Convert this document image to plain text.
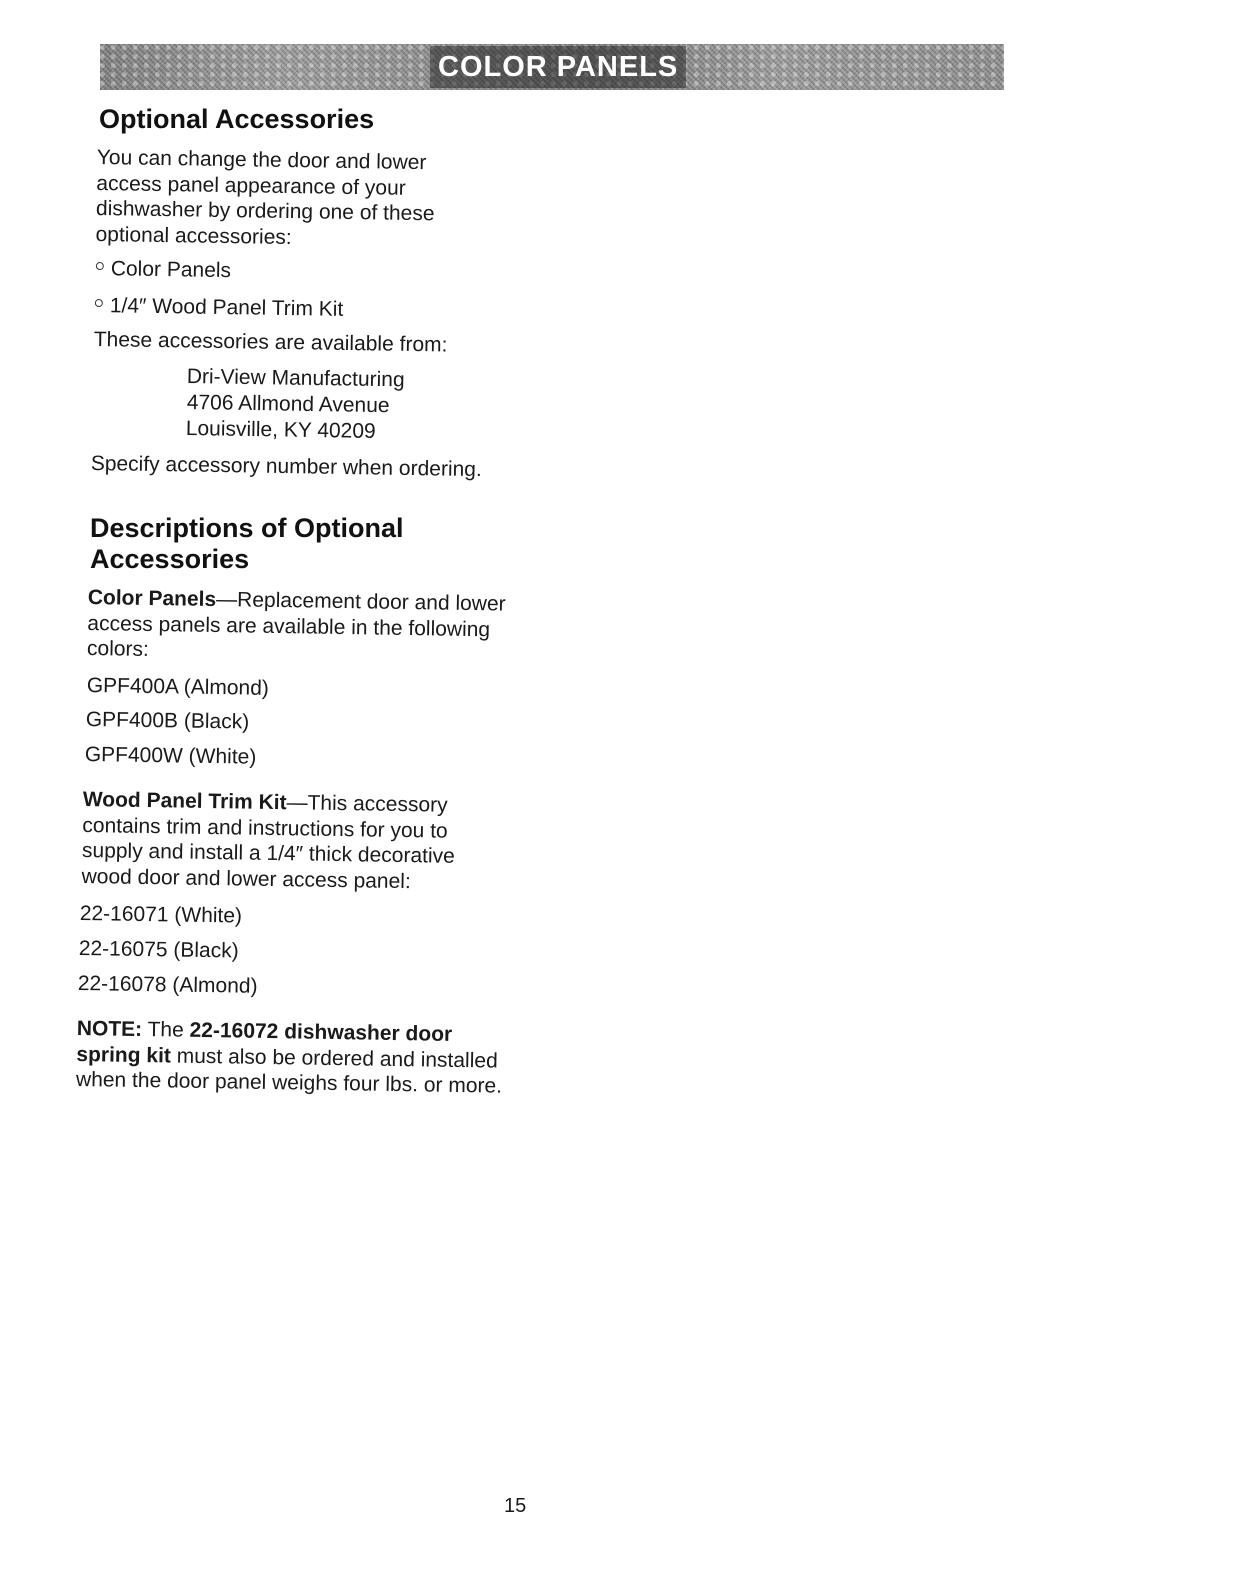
COLOR PANELS
Optional Accessories

You can change the door and lower access panel appearance of your dishwasher by ordering one of these optional accessories:

Color Panels
1/4″ Wood Panel Trim Kit
These accessories are available from:
Dri-View Manufacturing
4706 Allmond Avenue
Louisville, KY 40209
Specify accessory number when ordering.
Descriptions of Optional Accessories

Color Panels—Replacement door and lower access panels are available in the following colors:

GPF400A (Almond)
GPF400B (Black)
GPF400W (White)

Wood Panel Trim Kit—This accessory contains trim and instructions for you to supply and install a 1/4″ thick decorative wood door and lower access panel:

22-16071 (White)
22-16075 (Black)
22-16078 (Almond)

NOTE: The 22-16072 dishwasher door spring kit must also be ordered and installed when the door panel weighs four lbs. or more.

15
